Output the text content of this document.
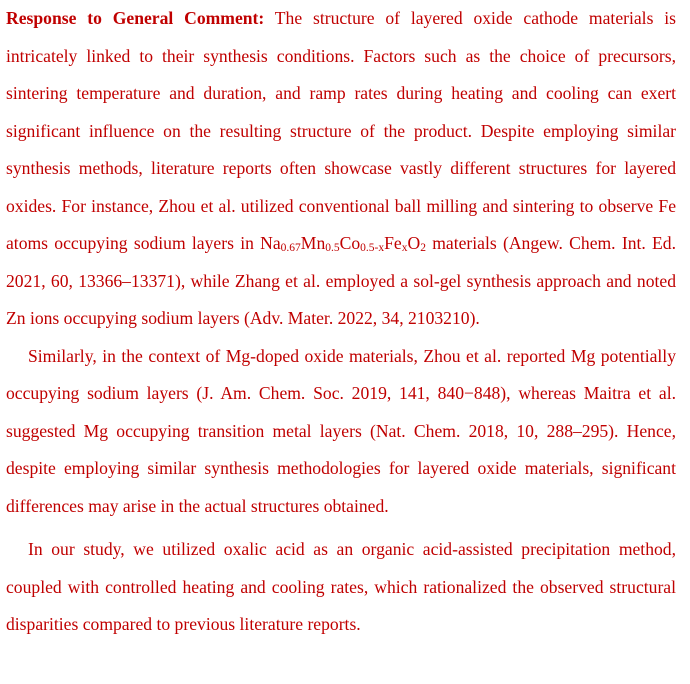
Response to General Comment: The structure of layered oxide cathode materials is intricately linked to their synthesis conditions. Factors such as the choice of precursors, sintering temperature and duration, and ramp rates during heating and cooling can exert significant influence on the resulting structure of the product. Despite employing similar synthesis methods, literature reports often showcase vastly different structures for layered oxides. For instance, Zhou et al. utilized conventional ball milling and sintering to observe Fe atoms occupying sodium layers in Na0.67Mn0.5Co0.5-xFexO2 materials (Angew. Chem. Int. Ed. 2021, 60, 13366–13371), while Zhang et al. employed a sol-gel synthesis approach and noted Zn ions occupying sodium layers (Adv. Mater. 2022, 34, 2103210).

Similarly, in the context of Mg-doped oxide materials, Zhou et al. reported Mg potentially occupying sodium layers (J. Am. Chem. Soc. 2019, 141, 840−848), whereas Maitra et al. suggested Mg occupying transition metal layers (Nat. Chem. 2018, 10, 288–295). Hence, despite employing similar synthesis methodologies for layered oxide materials, significant differences may arise in the actual structures obtained.

In our study, we utilized oxalic acid as an organic acid-assisted precipitation method, coupled with controlled heating and cooling rates, which rationalized the observed structural disparities compared to previous literature reports.
